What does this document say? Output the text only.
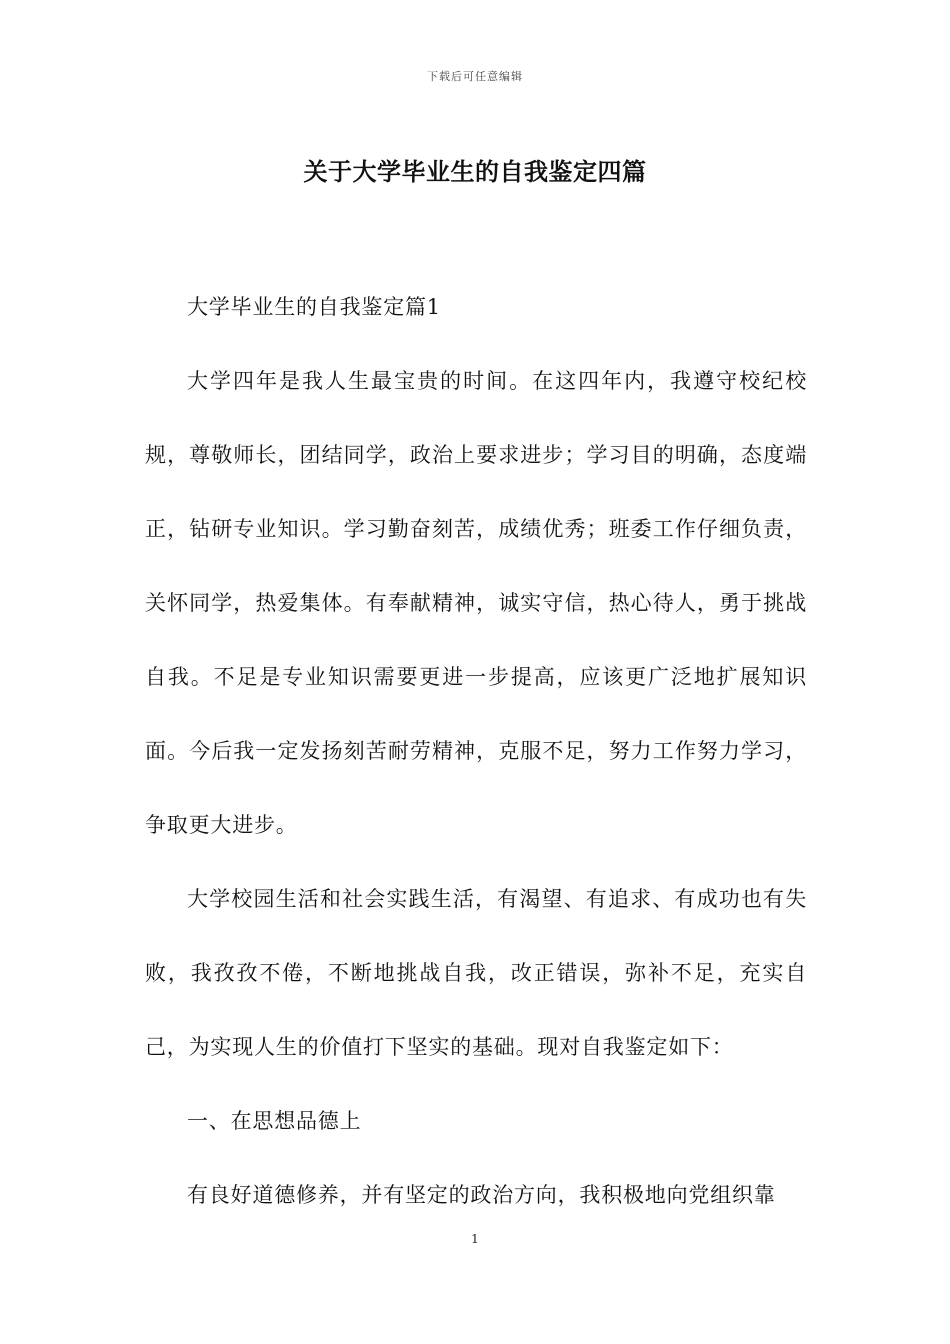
下载后可任意编辑
关于大学毕业生的自我鉴定四篇

大学毕业生的自我鉴定篇1

大学四年是我人生最宝贵的时间。在这四年内，我遵守校纪校规，尊敬师长，团结同学，政治上要求进步；学习目的明确，态度端正，钻研专业知识。学习勤奋刻苦，成绩优秀；班委工作仔细负责，关怀同学，热爱集体。有奉献精神，诚实守信，热心待人，勇于挑战自我。不足是专业知识需要更进一步提高，应该更广泛地扩展知识面。今后我一定发扬刻苦耐劳精神，克服不足，努力工作努力学习，争取更大进步。

大学校园生活和社会实践生活，有渴望、有追求、有成功也有失败，我孜孜不倦，不断地挑战自我，改正错误，弥补不足，充实自己，为实现人生的价值打下坚实的基础。现对自我鉴定如下：

一、在思想品德上

有良好道德修养，并有坚定的政治方向，我积极地向党组织靠

1
